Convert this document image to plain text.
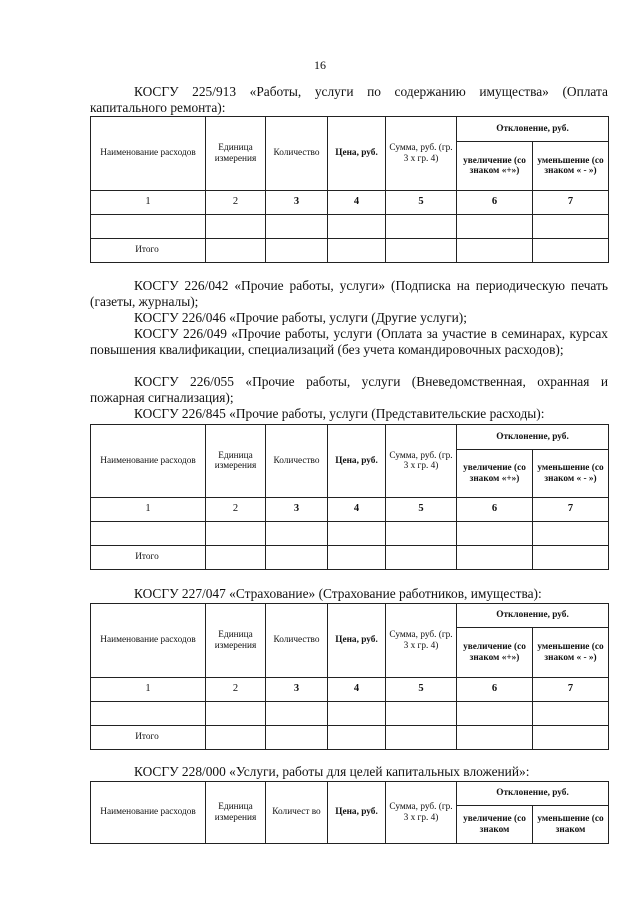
16
КОСГУ 225/913 «Работы, услуги по содержанию имущества» (Оплата капитального ремонта):
Наименование расходов	Единица измерения	Количество	Цена, руб.	Сумма, руб. (гр. 3 х гр. 4)	Отклонение, руб.	
					увеличение (со знаком «+»)	уменьшение (со знаком « - »)
1	2	3	4	5	6	7

Итого						
КОСГУ 226/042 «Прочие работы, услуги» (Подписка на периодическую печать (газеты, журналы);
КОСГУ 226/046 «Прочие работы, услуги (Другие услуги);
КОСГУ 226/049 «Прочие работы, услуги (Оплата за участие в семинарах, курсах повышения квалификации, специализаций (без учета командировочных расходов);
КОСГУ 226/055 «Прочие работы, услуги (Вневедомственная, охранная и пожарная сигнализация);
КОСГУ 226/845 «Прочие работы, услуги (Представительские расходы):
Наименование расходов	Единица измерения	Количество	Цена, руб.	Сумма, руб. (гр. 3 х гр. 4)	Отклонение, руб.	
					увеличение (со знаком «+»)	уменьшение (со знаком « - »)
1	2	3	4	5	6	7

Итого						
КОСГУ 227/047 «Страхование» (Страхование работников, имущества):
Наименование расходов	Единица измерения	Количество	Цена, руб.	Сумма, руб. (гр. 3 х гр. 4)	Отклонение, руб.	
					увеличение (со знаком «+»)	уменьшение (со знаком « - »)
1	2	3	4	5	6	7

Итого						
КОСГУ 228/000 «Услуги, работы для целей капитальных вложений»:
Наименование расходов	Единица измерения	Количест во	Цена, руб.	Сумма, руб. (гр. 3 х гр. 4)	Отклонение, руб.	
					увеличение (со знаком	уменьшение (со знаком
